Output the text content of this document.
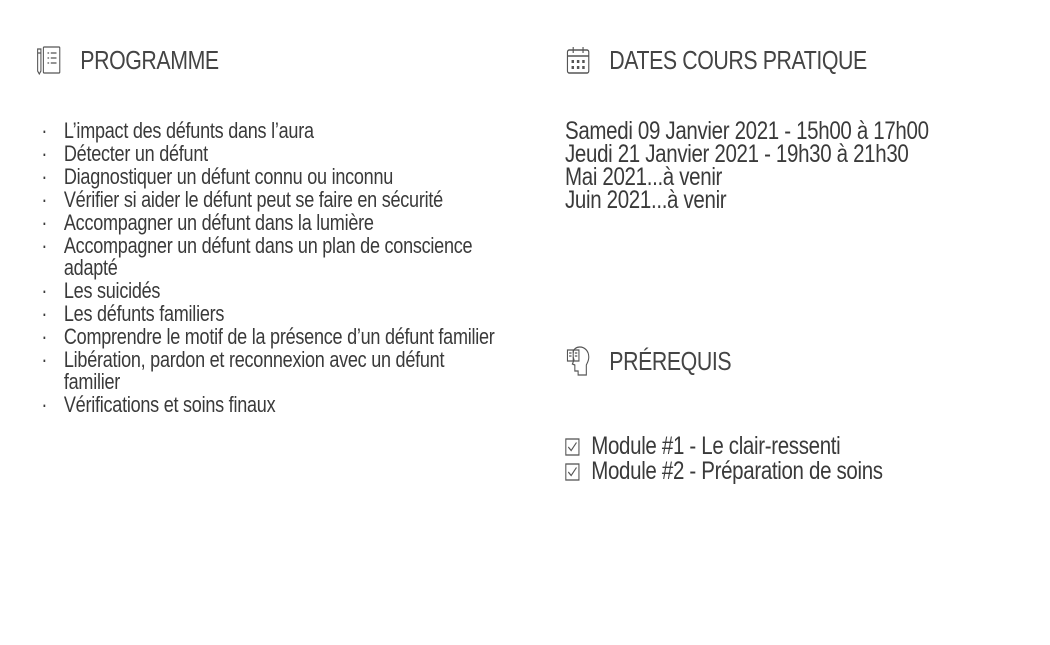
PROGRAMME
· L’impact des défunts dans l’aura
· Détecter un défunt
· Diagnostiquer un défunt connu ou inconnu
· Vérifier si aider le défunt peut se faire en sécurité
· Accompagner un défunt dans la lumière
· Accompagner un défunt dans un plan de conscience adapté
· Les suicidés
· Les défunts familiers
· Comprendre le motif de la présence d’un défunt familier
· Libération, pardon et reconnexion avec un défunt familier
· Vérifications et soins finaux
DATES COURS PRATIQUE
Samedi 09 Janvier 2021 - 15h00 à 17h00
Jeudi 21 Janvier 2021 - 19h30 à 21h30
Mai 2021...à venir
Juin 2021...à venir
PRÉREQUIS
Module #1 - Le clair-ressenti
Module #2 - Préparation de soins
